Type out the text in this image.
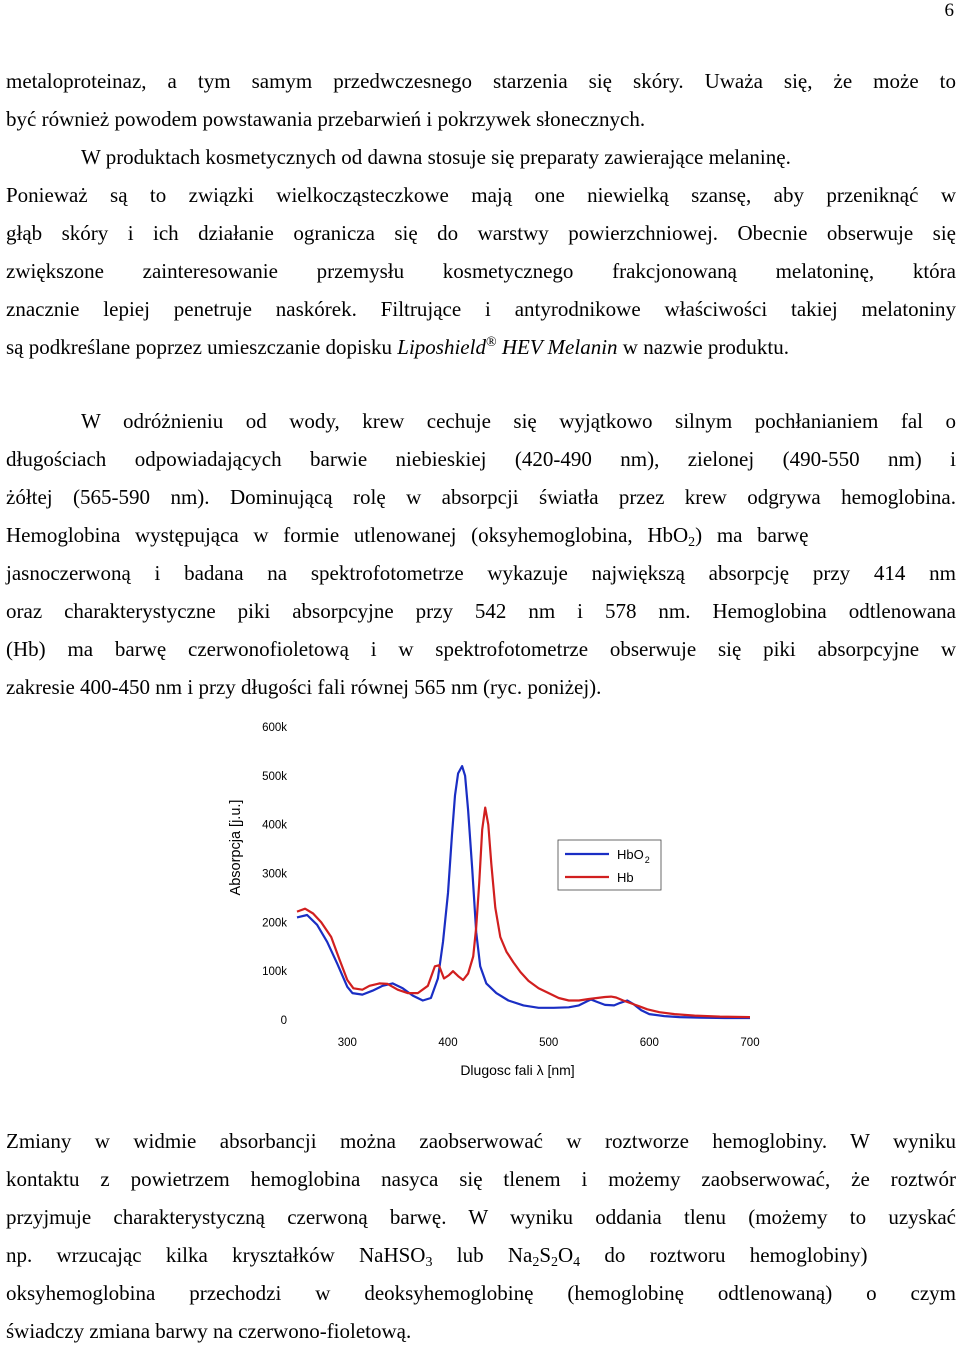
6
metaloproteinaz, a tym samym przedwczesnego starzenia się skóry. Uważa się, że może to
być również powodem powstawania przebarwień i pokrzywek słonecznych.
W produktach kosmetycznych od dawna stosuje się preparaty zawierające melaninę.
Ponieważ są to związki wielkocząsteczkowe mają one niewielką szansę, aby przeniknąć w
głąb skóry i ich działanie ogranicza się do warstwy powierzchniowej. Obecnie obserwuje się
zwiększone zainteresowanie przemysłu kosmetycznego frakcjonowaną melatoninę, która
znacznie lepiej penetruje naskórek. Filtrujące i antyrodnikowe właściwości takiej melatoniny
są podkreślane poprzez umieszczanie dopisku Liposhield® HEV Melanin w nazwie produktu.
W odróżnieniu od wody, krew cechuje się wyjątkowo silnym pochłanianiem fal o
długościach odpowiadających barwie niebieskiej (420-490 nm), zielonej (490-550 nm) i
żółtej (565-590 nm). Dominującą rolę w absorpcji światła przez krew odgrywa hemoglobina.
Hemoglobina występująca w formie utlenowanej (oksyhemoglobina, HbO$_2$) ma barwę
jasnoczerwoną i badana na spektrofotometrze wykazuje największą absorpcję przy 414 nm
oraz charakterystyczne piki absorpcyjne przy 542 nm i 578 nm. Hemoglobina odtlenowana
(Hb) ma barwę czerwonofioletową i w spektrofotometrze obserwuje się piki absorpcyjne w
zakresie 400-450 nm i przy długości fali równej 565 nm (ryc. poniżej).
0
100k
200k
300k
400k
500k
600k
300	400	500	600	700
Dlugosc fali λ [nm]
Absorpcja [j.u.]	HbO$_2$
Hb
Zmiany w widmie absorbancji można zaobserwować w roztworze hemoglobiny. W wyniku
kontaktu z powietrzem hemoglobina nasyca się tlenem i możemy zaobserwować, że roztwór
przyjmuje charakterystyczną czerwoną barwę. W wyniku oddania tlenu (możemy to uzyskać
np. wrzucając kilka kryształków NaHSO$_3$ lub $Na_2S_2O_4$ do roztworu hemoglobiny)
oksyhemoglobina przechodzi w deoksyhemoglobinę (hemoglobinę odtlenowaną) o czym
świadczy zmiana barwy na czerwono-fioletową.
